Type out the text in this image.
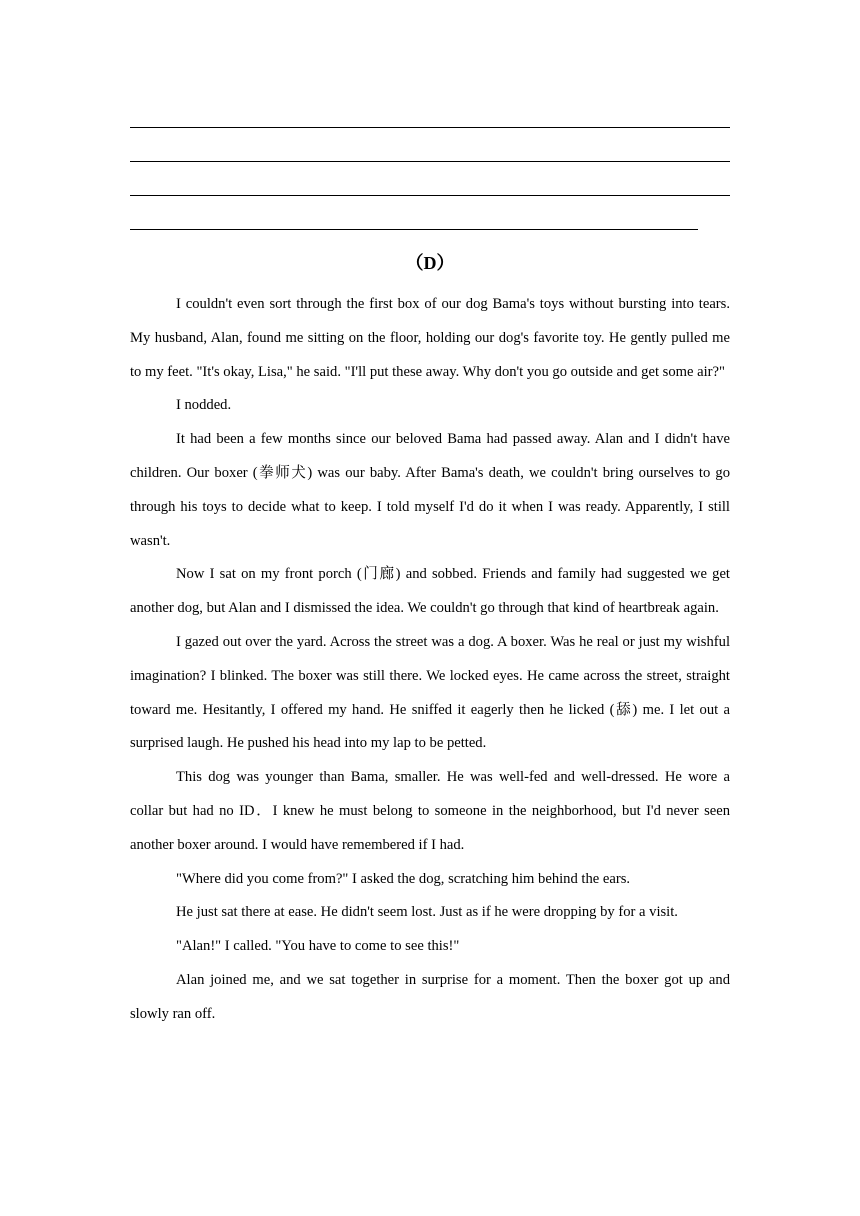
（D）

I couldn't even sort through the first box of our dog Bama's toys without bursting into tears. My husband, Alan, found me sitting on the floor, holding our dog's favorite toy. He gently pulled me to my feet. "It's okay, Lisa," he said. "I'll put these away. Why don't you go outside and get some air?"

I nodded.

It had been a few months since our beloved Bama had passed away. Alan and I didn't have children. Our boxer (拳师犬) was our baby. After Bama's death, we couldn't bring ourselves to go through his toys to decide what to keep. I told myself I'd do it when I was ready. Apparently, I still wasn't.

Now I sat on my front porch (门廊) and sobbed. Friends and family had suggested we get another dog, but Alan and I dismissed the idea. We couldn't go through that kind of heartbreak again.

I gazed out over the yard. Across the street was a dog. A boxer. Was he real or just my wishful imagination? I blinked. The boxer was still there. We locked eyes. He came across the street, straight toward me. Hesitantly, I offered my hand. He sniffed it eagerly then he licked (舔) me. I let out a surprised laugh. He pushed his head into my lap to be petted.

This dog was younger than Bama, smaller. He was well-fed and well-dressed. He wore a collar but had no ID．I knew he must belong to someone in the neighborhood, but I'd never seen another boxer around. I would have remembered if I had.

"Where did you come from?" I asked the dog, scratching him behind the ears.

He just sat there at ease. He didn't seem lost. Just as if he were dropping by for a visit.

"Alan!" I called. "You have to come to see this!"

Alan joined me, and we sat together in surprise for a moment. Then the boxer got up and slowly ran off.
